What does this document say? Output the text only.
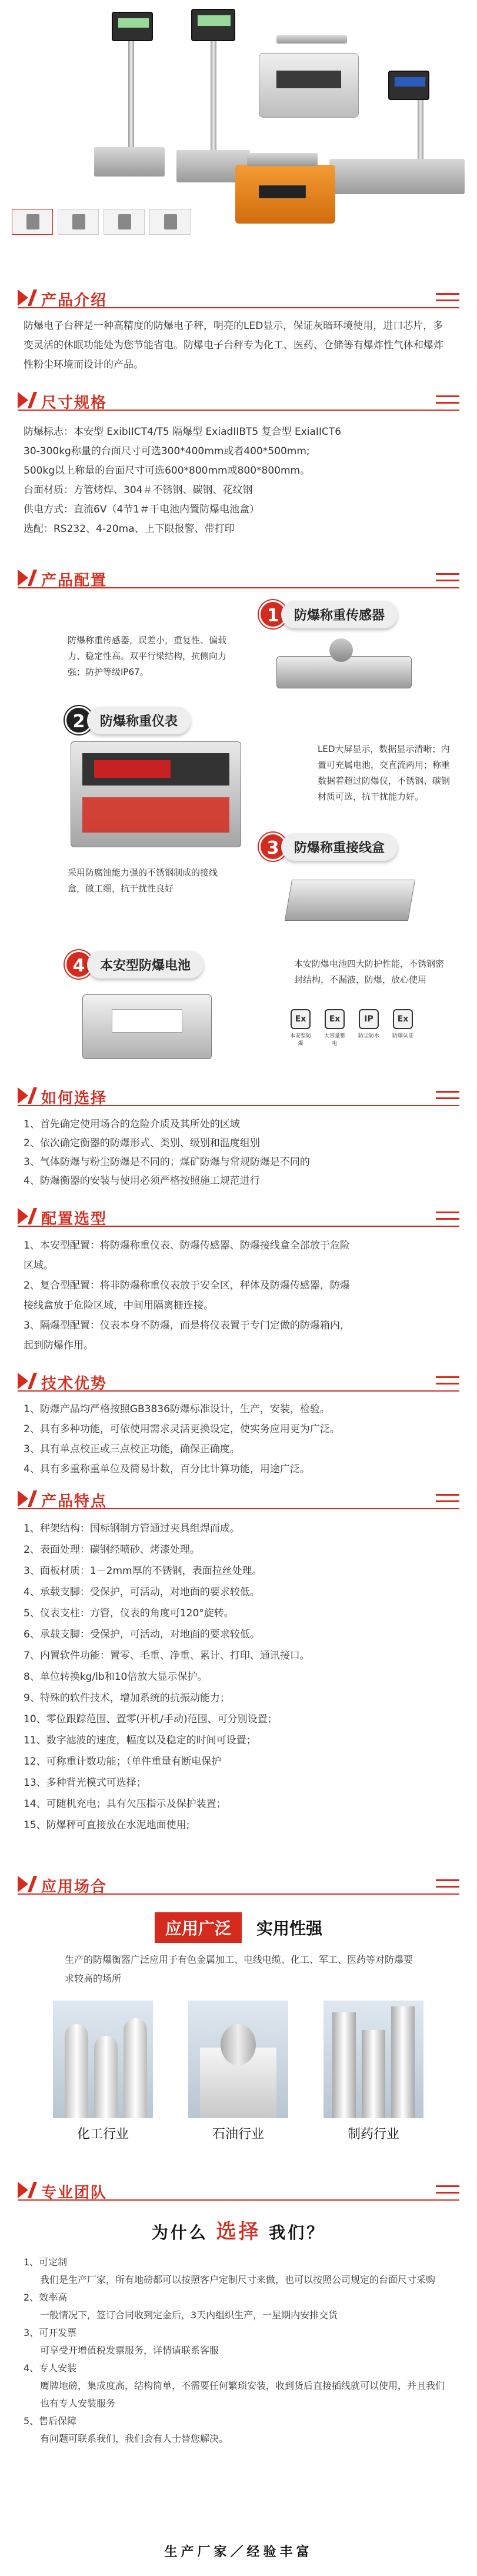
产品介绍
防爆电子台秤是一种高精度的防爆电子秤，明亮的LED显示，保证灰暗环境使用，进口芯片，多变灵活的休眠功能处为您节能省电。防爆电子台秤专为化工、医药、仓储等有爆炸性气体和爆炸性粉尘环境而设计的产品。
尺寸规格
防爆标志：本安型 ExibIICT4/T5 隔爆型 ExiadIIBT5 复合型 ExiaIICT6
30-300kg称量的台面尺寸可选300*400mm或者400*500mm;
500kg以上称量的台面尺寸可选600*800mm或800*800mm。
台面材质：方管烤焊、304＃不锈钢、碳钢、花纹钢
供电方式：直流6V（4节1＃干电池内置防爆电池盒）
选配：RS232、4-20ma、上下限报警、带打印
产品配置
1	防爆称重传感器
防爆称重传感器，误差小，重复性、偏载力、稳定性高。双平行梁结构，抗侧向力强；防护等级IP67。
2	防爆称重仪表
LED大屏显示，数据显示清晰；内置可充属电池，交直流两用；称重数据着超过防爆仪，不锈钢、碳钢材质可选，抗干扰能力好。
3	防爆称重接线盒
采用防腐蚀能力强的不锈钢制成的接线盒，做工细，抗干扰性良好
4	本安型防爆电池	本安防爆电池四大防护性能，不锈钢密封结构，不漏液，防爆，放心使用
Ex
本安型防爆
Ex
大容量蓄电
IP
防尘防水
Ex
防爆认证
如何选择
1、首先确定使用场合的危险介质及其所处的区域
2、依次确定衡器的防爆形式、类别、级别和温度组别
3、气体防爆与粉尘防爆是不同的；煤矿防爆与常规防爆是不同的
4、防爆衡器的安装与使用必须严格按照施工规范进行
配置选型
1、本安型配置：将防爆称重仪表、防爆传感器、防爆接线盒全部放于危险
区域。
2、复合型配置：将非防爆称重仪表放于安全区，秤体及防爆传感器，防爆
接线盒放于危险区域，中间用隔离栅连接。
3、隔爆型配置：仪表本身不防爆，而是将仪表置于专门定做的防爆箱内，
起到防爆作用。
技术优势
1、防爆产品均严格按照GB3836防爆标准设计，生产，安装，检验。
2、具有多种功能，可依使用需求灵活更换设定，使实务应用更为广泛。
3、具有单点校正或三点校正功能，确保正确度。
4、具有多重称重单位及简易计数，百分比计算功能，用途广泛。
产品特点
1、秤架结构：国标钢制方管通过夹具组焊而成。
2、表面处理：碳钢经喷砂、烤漆处理。
3、面板材质：1－2mm厚的不锈钢，表面拉丝处理。
4、承载支脚：受保护，可活动，对地面的要求较低。
5、仪表支柱：方管，仪表的角度可120°旋转。
6、承载支脚：受保护，可活动，对地面的要求较低。
7、内置软件功能：置零、毛重、净重、累计、打印、通讯接口。
8、单位转换kg/lb和10倍放大显示保护。
9、特殊的软件技术，增加系统的抗振动能力；
10、零位跟踪范围、置零(开机/手动)范围、可分别设置；
11、数字滤波的速度，幅度以及稳定的时间可设置；
12、可称重计数功能；（单件重量有断电保护
13、多种背光模式可选择；
14、可随机充电；具有欠压指示及保护装置；
15、防爆秤可直接放在水泥地面使用;
应用场合
应用广泛 实用性强
生产的防爆衡器广泛应用于有色金属加工、电线电缆、化工、军工、医药等对防爆要求较高的场所
化工行业	石油行业	制药行业
专业团队
为什么 选择 我们？
1、可定制
我们是生产厂家，所有地磅都可以按照客户定制尺寸来做，也可以按照公司规定的台面尺寸采购
2、效率高
一般情况下，签订合同收到定金后，3天内组织生产，一星期内安排交货
3、可开发票
可享受开增值税发票服务，详情请联系客服
4、专人安装
鹰牌地磅，集成度高，结构简单，不需要任何繁琐安装，收到货后直接插线就可以使用，并且我们也有专人安装服务
5、售后保障
有问题可联系我们，我们会有人士替您解决。
生产厂家／经验丰富
